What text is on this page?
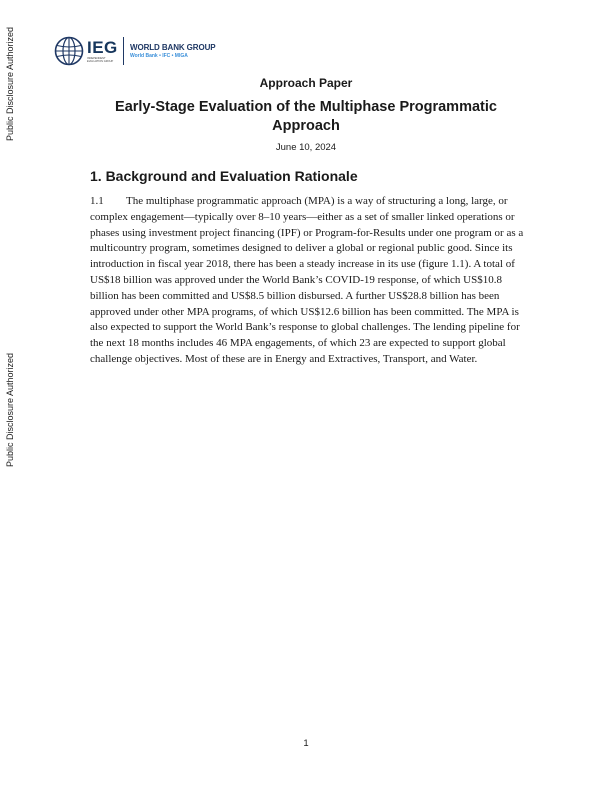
Public Disclosure Authorized
Public Disclosure Authorized
IEG
INDEPENDENT EVALUATION GROUP
WORLD BANK GROUP
World Bank • IFC • MIGA
Approach Paper
Early-Stage Evaluation of the Multiphase Programmatic Approach
June 10, 2024
1. Background and Evaluation Rationale

1.1 The multiphase programmatic approach (MPA) is a way of structuring a long, large, or complex engagement—typically over 8–10 years—either as a set of smaller linked operations or phases using investment project financing (IPF) or Program-for-Results under one program or as a multicountry program, sometimes designed to deliver a global or regional public good. Since its introduction in fiscal year 2018, there has been a steady increase in its use (figure 1.1). A total of US$18 billion was approved under the World Bank’s COVID-19 response, of which US$10.8 billion has been committed and US$8.5 billion disbursed. A further US$28.8 billion has been approved under other MPA programs, of which US$12.6 billion has been committed. The MPA is also expected to support the World Bank’s response to global challenges. The lending pipeline for the next 18 months includes 46 MPA engagements, of which 23 are expected to support global challenge objectives. Most of these are in Energy and Extractives, Transport, and Water.

1
